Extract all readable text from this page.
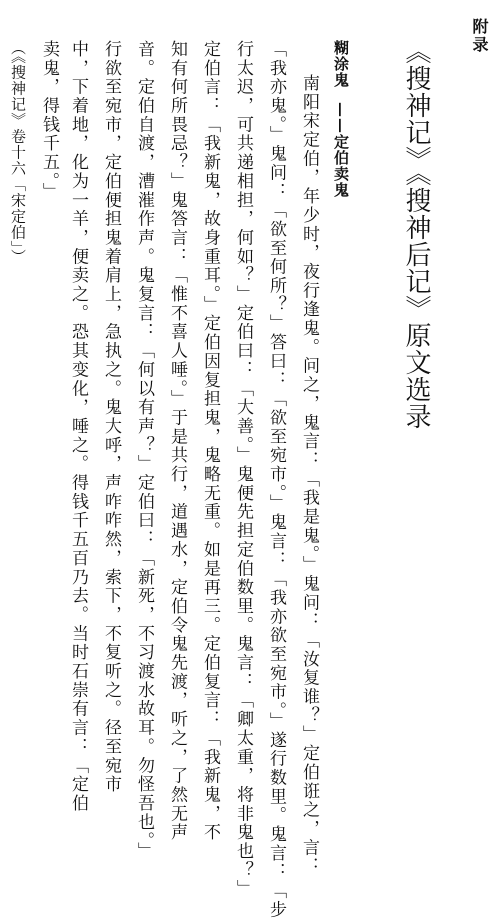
附录
《搜神记》《搜神后记》原文选录
糊涂鬼
——定伯卖鬼
南阳宋定伯，年少时，夜行逢鬼。问之，鬼言：「我是鬼。」鬼问：「汝复谁？」定伯诳之，言：
「我亦鬼。」鬼问：「欲至何所？」答曰：「欲至宛市。」鬼言：「我亦欲至宛市。」遂行数里。鬼言：「步
行太迟，可共递相担，何如？」定伯曰：「大善。」鬼便先担定伯数里。鬼言：「卿太重，将非鬼也？」
定伯言：「我新鬼，故身重耳。」定伯因复担鬼，鬼略无重。如是再三。定伯复言：「我新鬼，不
知有何所畏忌？」鬼答言：「惟不喜人唾。」于是共行，道遇水，定伯令鬼先渡，听之，了然无声
音。定伯自渡，漕漼作声。鬼复言：「何以有声？」定伯曰：「新死，不习渡水故耳。勿怪吾也。」
行欲至宛市，定伯便担鬼着肩上，急执之。鬼大呼，声咋咋然，索下，不复听之。径至宛市
中，下着地，化为一羊，便卖之。恐其变化，唾之。得钱千五百乃去。当时石崇有言：「定伯
卖鬼，得钱千五。」
（《搜神记》卷十六「宋定伯」）
